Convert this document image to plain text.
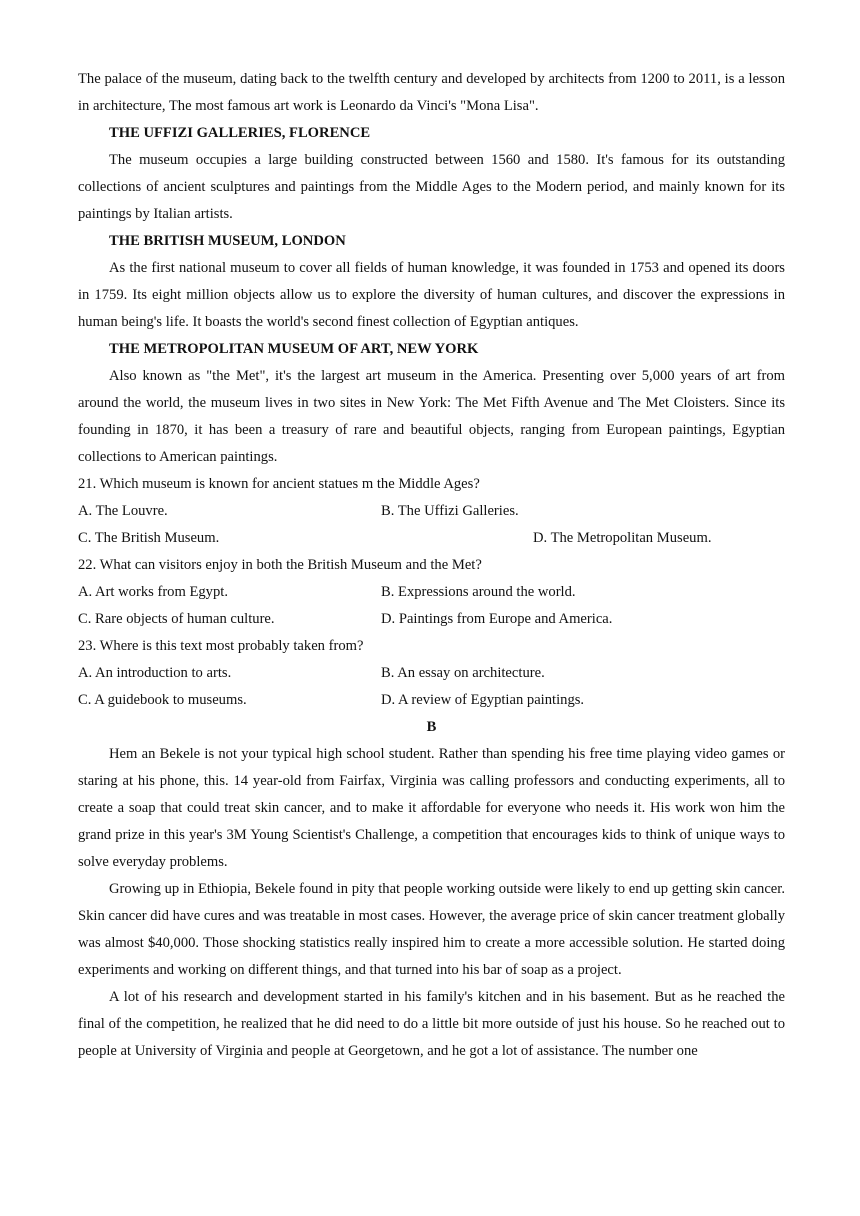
The palace of the museum, dating back to the twelfth century and developed by architects from 1200 to 2011, is a lesson in architecture, The most famous art work is Leonardo da Vinci's "Mona Lisa".

THE UFFIZI GALLERIES, FLORENCE

The museum occupies a large building constructed between 1560 and 1580. It's famous for its outstanding collections of ancient sculptures and paintings from the Middle Ages to the Modern period, and mainly known for its paintings by Italian artists.

THE BRITISH MUSEUM, LONDON

As the first national museum to cover all fields of human knowledge, it was founded in 1753 and opened its doors in 1759. Its eight million objects allow us to explore the diversity of human cultures, and discover the expressions in human being's life. It boasts the world's second finest collection of Egyptian antiques.

THE METROPOLITAN MUSEUM OF ART, NEW YORK

Also known as "the Met", it's the largest art museum in the America. Presenting over 5,000 years of art from around the world, the museum lives in two sites in New York: The Met Fifth Avenue and The Met Cloisters. Since its founding in 1870, it has been a treasury of rare and beautiful objects, ranging from European paintings, Egyptian collections to American paintings.

21. Which museum is known for ancient statues m the Middle Ages?

A. The Louvre.	B. The Uffizi Galleries.
C. The British Museum.	D. The Metropolitan Museum.

22. What can visitors enjoy in both the British Museum and the Met?

A. Art works from Egypt.	B. Expressions around the world.
C. Rare objects of human culture.	D. Paintings from Europe and America.

23. Where is this text most probably taken from?

A. An introduction to arts.	B. An essay on architecture.
C. A guidebook to museums.	D. A review of Egyptian paintings.

B

Hem an Bekele is not your typical high school student. Rather than spending his free time playing video games or staring at his phone, this. 14 year-old from Fairfax, Virginia was calling professors and conducting experiments, all to create a soap that could treat skin cancer, and to make it affordable for everyone who needs it. His work won him the grand prize in this year's 3M Young Scientist's Challenge, a competition that encourages kids to think of unique ways to solve everyday problems.

Growing up in Ethiopia, Bekele found in pity that people working outside were likely to end up getting skin cancer. Skin cancer did have cures and was treatable in most cases. However, the average price of skin cancer treatment globally was almost $40,000. Those shocking statistics really inspired him to create a more accessible solution. He started doing experiments and working on different things, and that turned into his bar of soap as a project.

A lot of his research and development started in his family's kitchen and in his basement. But as he reached the final of the competition, he realized that he did need to do a little bit more outside of just his house. So he reached out to people at University of Virginia and people at Georgetown, and he got a lot of assistance. The number one
